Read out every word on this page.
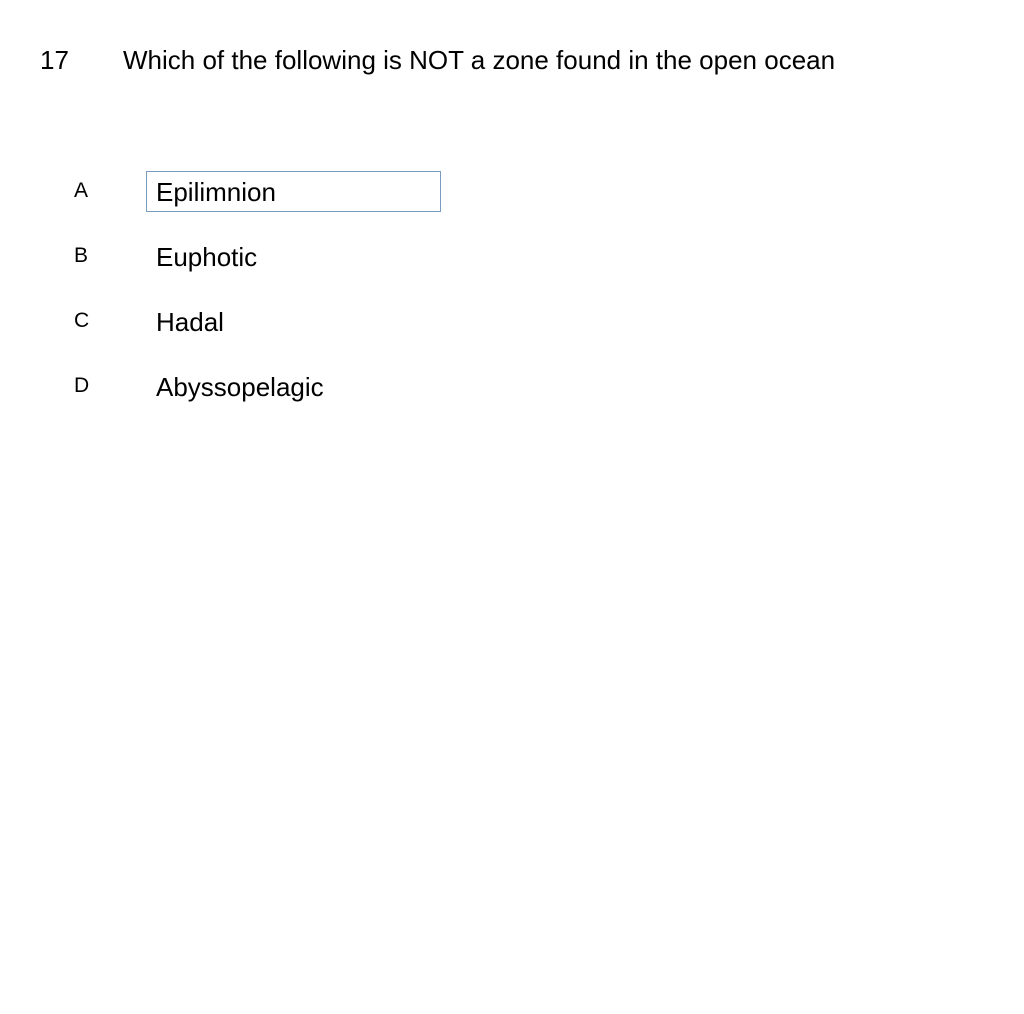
17 Which of the following is NOT a zone found in the open ocean
A	Epilimnion
B	Euphotic
C	Hadal
D	Abyssopelagic
